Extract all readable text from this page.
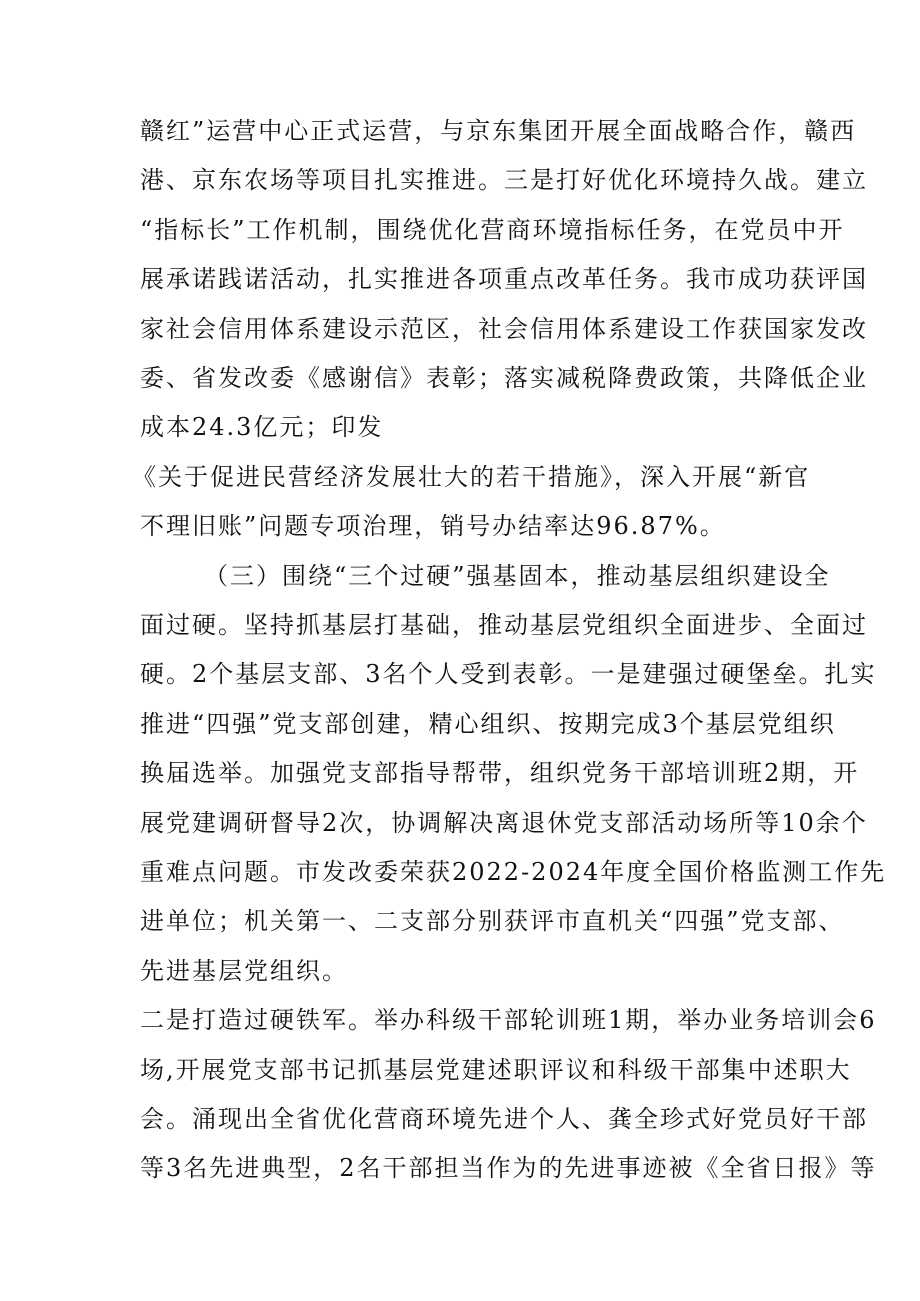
赣红”运营中心正式运营，与京东集团开展全面战略合作，赣西
港、京东农场等项目扎实推进。三是打好优化环境持久战。建立
“指标长”工作机制，围绕优化营商环境指标任务，在党员中开
展承诺践诺活动，扎实推进各项重点改革任务。我市成功获评国
家社会信用体系建设示范区，社会信用体系建设工作获国家发改
委、省发改委《感谢信》表彰；落实减税降费政策，共降低企业
成本24.3亿元；印发
《关于促进民营经济发展壮大的若干措施》，深入开展“新官
不理旧账”问题专项治理，销号办结率达96.87%。
（三）围绕“三个过硬”强基固本，推动基层组织建设全
面过硬。坚持抓基层打基础，推动基层党组织全面进步、全面过
硬。2个基层支部、3名个人受到表彰。一是建强过硬堡垒。扎实
推进“四强”党支部创建，精心组织、按期完成3个基层党组织
换届选举。加强党支部指导帮带，组织党务干部培训班2期，开
展党建调研督导2次，协调解决离退休党支部活动场所等10余个
重难点问题。市发改委荣获2022-2024年度全国价格监测工作先
进单位；机关第一、二支部分别获评市直机关“四强”党支部、
先进基层党组织。
二是打造过硬铁军。举办科级干部轮训班1期，举办业务培训会6
场,开展党支部书记抓基层党建述职评议和科级干部集中述职大
会。涌现出全省优化营商环境先进个人、龚全珍式好党员好干部
等3名先进典型，2名干部担当作为的先进事迹被《全省日报》等
